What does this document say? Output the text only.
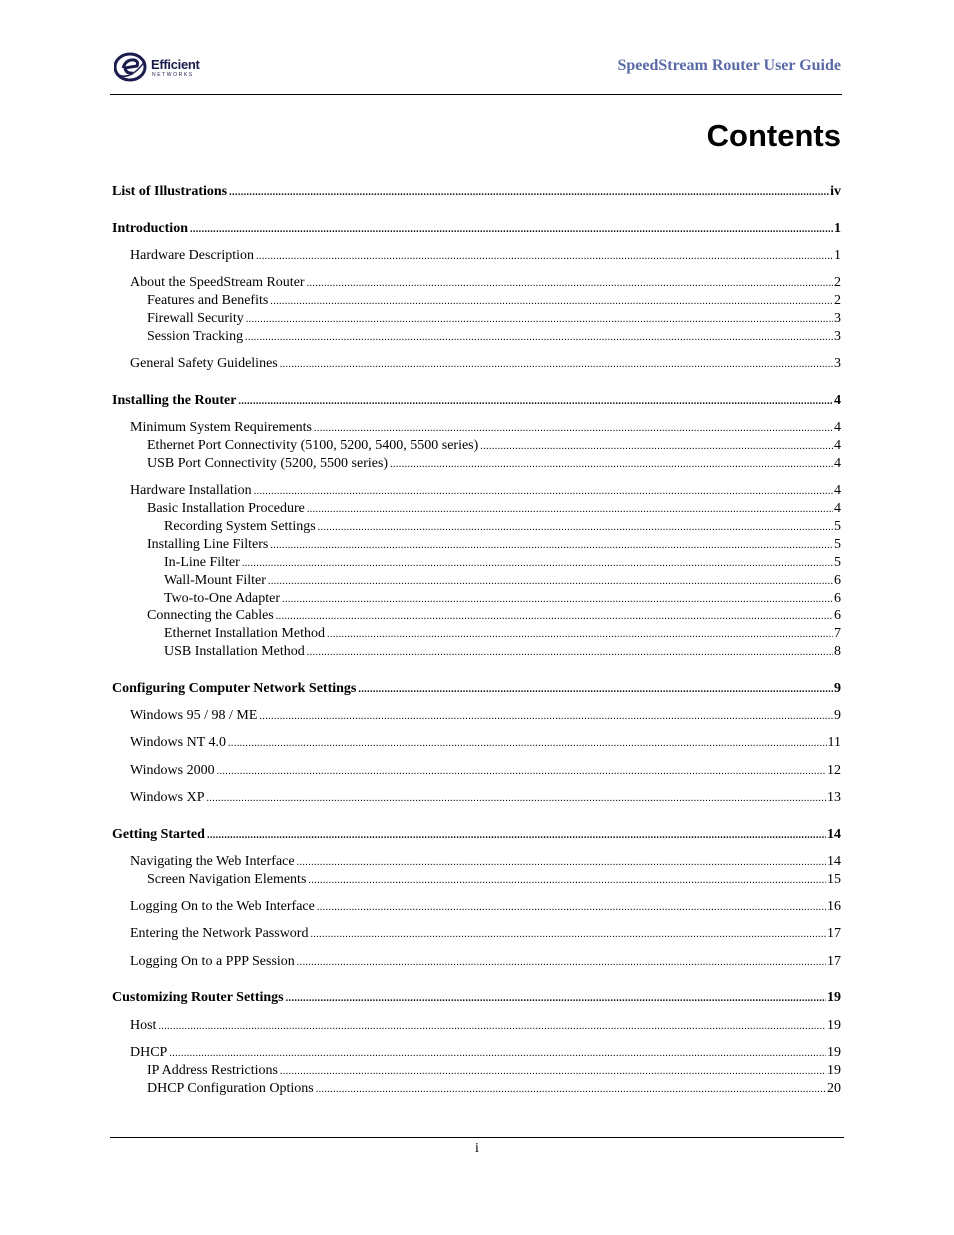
Efficient
NETWORKS
SpeedStream Router User Guide
Contents
List of Illustrations .....	iv
Introduction .....	1
Hardware Description .....	1
About the SpeedStream Router .....	2
Features and Benefits .....	2
Firewall Security .....	3
Session Tracking .....	3
General Safety Guidelines .....	3
Installing the Router .....	4
Minimum System Requirements .....	4
Ethernet Port Connectivity (5100, 5200, 5400, 5500 series) .....	4
USB Port Connectivity (5200, 5500 series) .....	4
Hardware Installation .....	4
Basic Installation Procedure .....	4
Recording System Settings .....	5
Installing Line Filters .....	5
In-Line Filter .....	5
Wall-Mount Filter .....	6
Two-to-One Adapter .....	6
Connecting the Cables .....	6
Ethernet Installation Method .....	7
USB Installation Method .....	8
Configuring Computer Network Settings .....	9
Windows 95 / 98 / ME .....	9
Windows NT 4.0 .....	11
Windows 2000 .....	12
Windows XP .....	13
Getting Started .....	14
Navigating the Web Interface .....	14
Screen Navigation Elements .....	15
Logging On to the Web Interface .....	16
Entering the Network Password .....	17
Logging On to a PPP Session .....	17
Customizing Router Settings .....	19
Host .....	19
DHCP .....	19
IP Address Restrictions .....	19
DHCP Configuration Options .....	20
i
